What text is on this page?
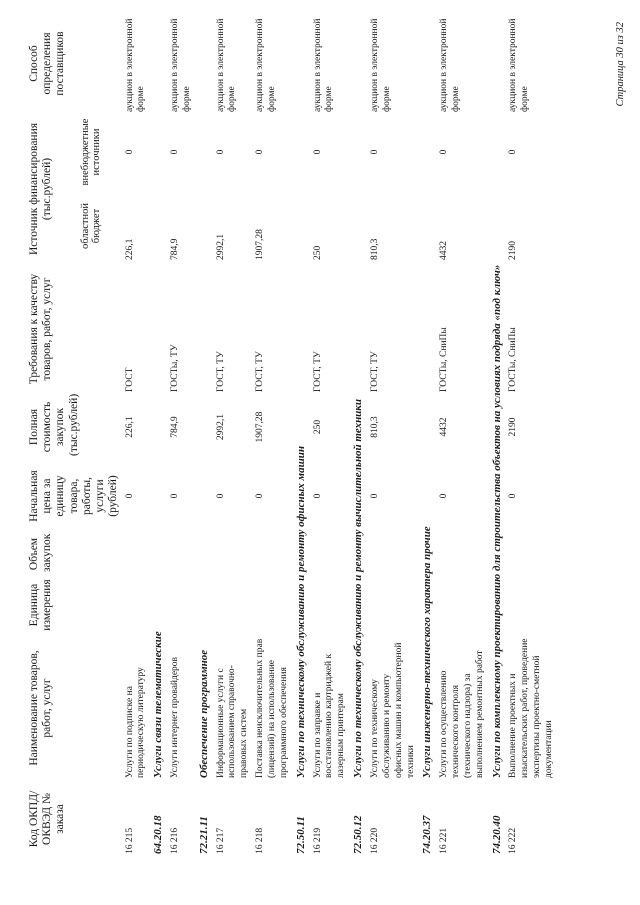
Код ОКПД/ ОКВЭД № заказа	Наименование товаров, работ, услуг	Единица измерения	Объем закупок	Начальная цена за единицу товара, работы, услуги (рублей)	Полная стоимость закупок (тыс.рублей)	Требования к качеству товаров, работ, услуг	Источник финансирования (тыс.рублей)		Способ определения поставщиков
							областной бюджет	внебюджетные источники	
16 215	Услуги по подписке на периодическую литературу			0	226,1	ГОСТ	226,1	0	аукцион в электронной форме
64.20.18	Услуги связи телематические								
16 216	Услуги интернет провайдеров			0	784,9	ГОСТы, ТУ	784,9	0	аукцион в электронной форме
72.21.11	Обеспечение программное								
16 217	Информационные услуги с использованием справочно-правовых систем			0	2992,1	ГОСТ, ТУ	2992,1	0	аукцион в электронной форме
16 218	Поставка неисключительных прав (лицензий) на использование программного обеспечения			0	1907,28	ГОСТ, ТУ	1907,28	0	аукцион в электронной форме
72.50.11	Услуги по техническому обслуживанию и ремонту офисных машин								
16 219	Услуги по заправке и восстановлению картриджей к лазерным принтерам			0	250	ГОСТ, ТУ	250	0	аукцион в электронной форме
72.50.12	Услуги по техническому обслуживанию и ремонту вычислительной техники								
16 220	Услуги по техническому обслуживанию и ремонту офисных машин и компьютерной техники			0	810,3	ГОСТ, ТУ	810,3	0	аукцион в электронной форме
74.20.37	Услуги инженерно-технического характера прочие								
16 221	Услуги по осуществлению технического контроля (технического надзора) за выполнением ремонтных работ			0	4432	ГОСТы, СниПы	4432	0	аукцион в электронной форме
74.20.40	Услуги по комплексному проектированию для строительства объектов на условиях подряда «под ключ»								
16 222	Выполнение проектных и изыскательских работ, проведение экспертизы проектно-сметной документации			0	2190	ГОСТы, СниПы	2190	0	аукцион в электронной форме	Страница 30 из 32
